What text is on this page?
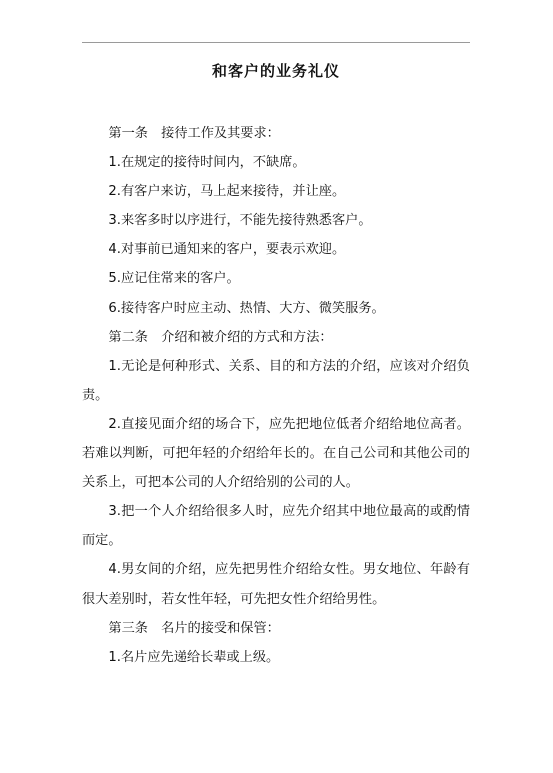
和客户的业务礼仪

第一条　接待工作及其要求：

1.在规定的接待时间内，不缺席。

2.有客户来访，马上起来接待，并让座。

3.来客多时以序进行，不能先接待熟悉客户。

4.对事前已通知来的客户，要表示欢迎。

5.应记住常来的客户。

6.接待客户时应主动、热情、大方、微笑服务。

第二条　介绍和被介绍的方式和方法：

1.无论是何种形式、关系、目的和方法的介绍，应该对介绍负责。

2.直接见面介绍的场合下，应先把地位低者介绍给地位高者。若难以判断，可把年轻的介绍给年长的。在自己公司和其他公司的关系上，可把本公司的人介绍给别的公司的人。

3.把一个人介绍给很多人时，应先介绍其中地位最高的或酌情而定。

4.男女间的介绍，应先把男性介绍给女性。男女地位、年龄有很大差别时，若女性年轻，可先把女性介绍给男性。

第三条　名片的接受和保管：

1.名片应先递给长辈或上级。
